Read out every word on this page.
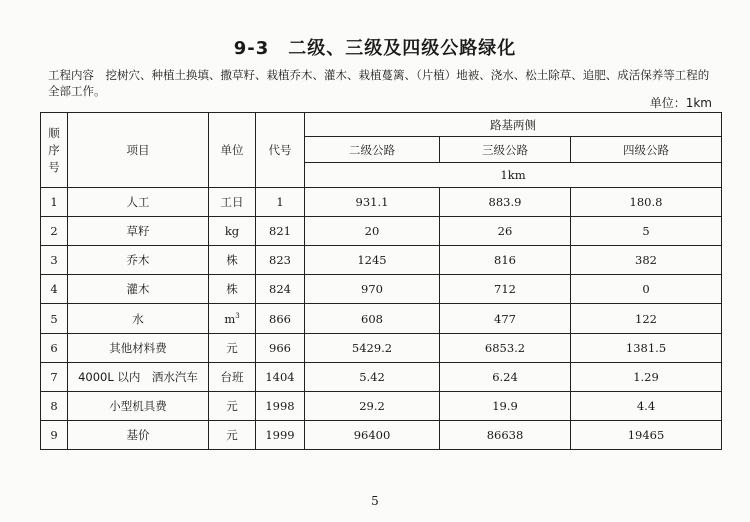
9-3　二级、三级及四级公路绿化
工程内容　挖树穴、种植土换填、撒草籽、栽植乔木、灌木、栽植蔓篱、（片植）地被、浇水、松土除草、追肥、成活保养等工程的全部工作。
单位：1km
顺
序
号	项目	单位	代号	路基两侧		
				二级公路	三级公路	四级公路
				1km		
1	人工	工日	1	931.1	883.9	180.8
2	草籽	kg	821	20	26	5
3	乔木	株	823	1245	816	382
4	灌木	株	824	970	712	0
5	水	$m^3$	866	608	477	122
6	其他材料费	元	966	5429.2	6853.2	1381.5
7	4000L 以内　洒水汽车	台班	1404	5.42	6.24	1.29
8	小型机具费	元	1998	29.2	19.9	4.4
9	基价	元	1999	96400	86638	19465
5
